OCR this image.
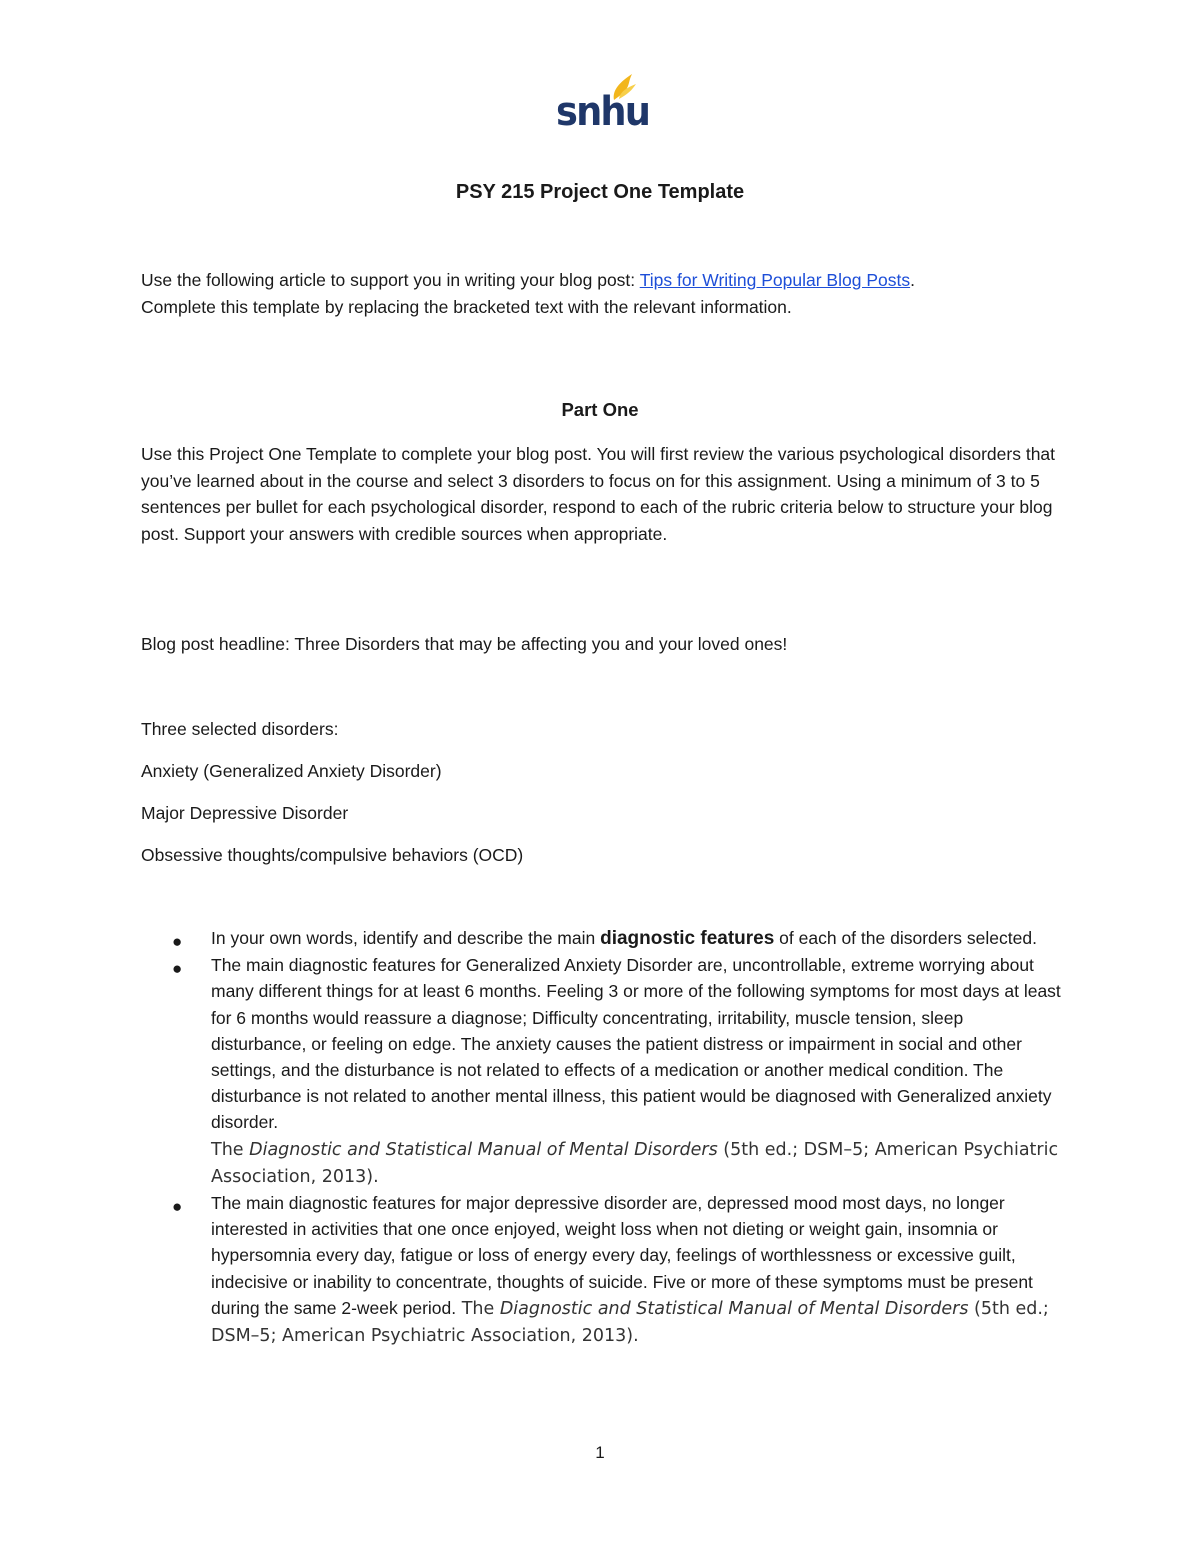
snhu
PSY 215 Project One Template

Use the following article to support you in writing your blog post: Tips for Writing Popular Blog Posts.
Complete this template by replacing the bracketed text with the relevant information.

Part One

Use this Project One Template to complete your blog post. You will first review the various psychological disorders that you’ve learned about in the course and select 3 disorders to focus on for this assignment. Using a minimum of 3 to 5 sentences per bullet for each psychological disorder, respond to each of the rubric criteria below to structure your blog post. Support your answers with credible sources when appropriate.

Blog post headline: Three Disorders that may be affecting you and your loved ones!

Three selected disorders:

Anxiety (Generalized Anxiety Disorder)

Major Depressive Disorder

Obsessive thoughts/compulsive behaviors (OCD)

● In your own words, identify and describe the main diagnostic features of each of the disorders selected.
● The main diagnostic features for Generalized Anxiety Disorder are, uncontrollable, extreme worrying about many different things for at least 6 months. Feeling 3 or more of the following symptoms for most days at least for 6 months would reassure a diagnose; Difficulty concentrating, irritability, muscle tension, sleep disturbance, or feeling on edge. The anxiety causes the patient distress or impairment in social and other settings, and the disturbance is not related to effects of a medication or another medical condition. The disturbance is not related to another mental illness, this patient would be diagnosed with Generalized anxiety disorder.
The Diagnostic and Statistical Manual of Mental Disorders (5th ed.; DSM–5; American Psychiatric Association, 2013).
● The main diagnostic features for major depressive disorder are, depressed mood most days, no longer interested in activities that one once enjoyed, weight loss when not dieting or weight gain, insomnia or hypersomnia every day, fatigue or loss of energy every day, feelings of worthlessness or excessive guilt, indecisive or inability to concentrate, thoughts of suicide. Five or more of these symptoms must be present during the same 2-week period. The Diagnostic and Statistical Manual of Mental Disorders (5th ed.; DSM–5; American Psychiatric Association, 2013).
1
